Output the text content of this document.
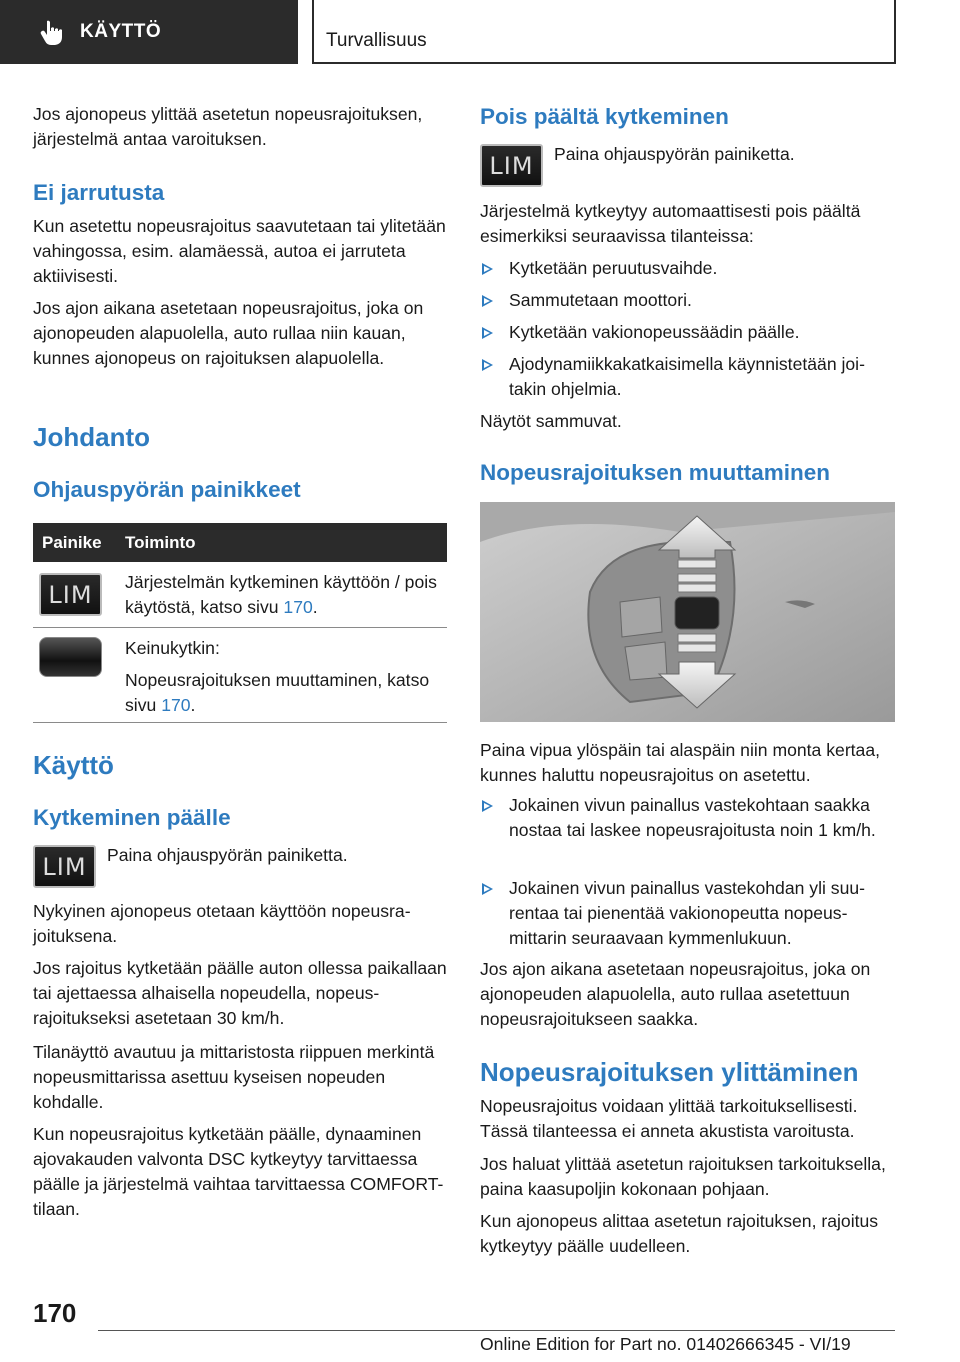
KÄYTTÖ	Turvallisuus

Jos ajonopeus ylittää asetetun nopeusrajoituksen, järjestelmä antaa varoituksen.

Ei jarrutusta

Kun asetettu nopeusrajoitus saavutetaan tai ylitetään vahingossa, esim. alamäessä, autoa ei jarruteta aktiivisesti.

Jos ajon aikana asetetaan nopeusrajoitus, joka on ajonopeuden alapuolella, auto rullaa niin kauan, kunnes ajonopeus on rajoituksen alapuolella.

Johdanto
Ohjauspyörän painikkeet
Painike Toiminto
LIM Järjestelmän kytkeminen käyttöön / pois käytöstä, katso sivu 170.

Keinukytkin:

Nopeusrajoituksen muuttaminen, katso sivu 170.

Käyttö
Kytkeminen päälle
LIM Paina ohjauspyörän painiketta.

Nykyinen ajonopeus otetaan käyttöön nopeusrajoituksena.

Jos rajoitus kytketään päälle auton ollessa paikallaan tai ajettaessa alhaisella nopeudella, nopeusrajoitukseksi asetetaan 30 km/h.

Tilanäyttö avautuu ja mittaristosta riippuen merkintä nopeusmittarissa asettuu kyseisen nopeuden kohdalle.

Kun nopeusrajoitus kytketään päälle, dynaaminen ajovakauden valvonta DSC kytkeytyy tarvittaessa päälle ja järjestelmä vaihtaa tarvittaessa COMFORT-tilaan.

Pois päältä kytkeminen
LIM Paina ohjauspyörän painiketta.

Järjestelmä kytkeytyy automaattisesti pois päältä esimerkiksi seuraavissa tilanteissa:

Kytketään peruutusvaihde.

Sammutetaan moottori.

Kytketään vakionopeussäädin päälle.

Ajodynamiikkakatkaisimella käynnistetään joitakin ohjelmia.

Näytöt sammuvat.

Nopeusrajoituksen muuttaminen

Paina vipua ylöspäin tai alaspäin niin monta kertaa, kunnes haluttu nopeusrajoitus on asetettu.

Jokainen vivun painallus vastekohtaan saakka nostaa tai laskee nopeusrajoitusta noin 1 km/h.

Jokainen vivun painallus vastekohdan yli suurentaa tai pienentää vakionopeutta nopeusmittarin seuraavaan kymmenlukuun.

Jos ajon aikana asetetaan nopeusrajoitus, joka on ajonopeuden alapuolella, auto rullaa asetettuun nopeusrajoitukseen saakka.

Nopeusrajoituksen ylittäminen

Nopeusrajoitus voidaan ylittää tarkoituksellisesti. Tässä tilanteessa ei anneta akustista varoitusta.

Jos haluat ylittää asetetun rajoituksen tarkoituksella, paina kaasupoljin kokonaan pohjaan.

Kun ajonopeus alittaa asetetun rajoituksen, rajoitus kytkeytyy päälle uudelleen.

170
Online Edition for Part no. 01402666345 - VI/19
